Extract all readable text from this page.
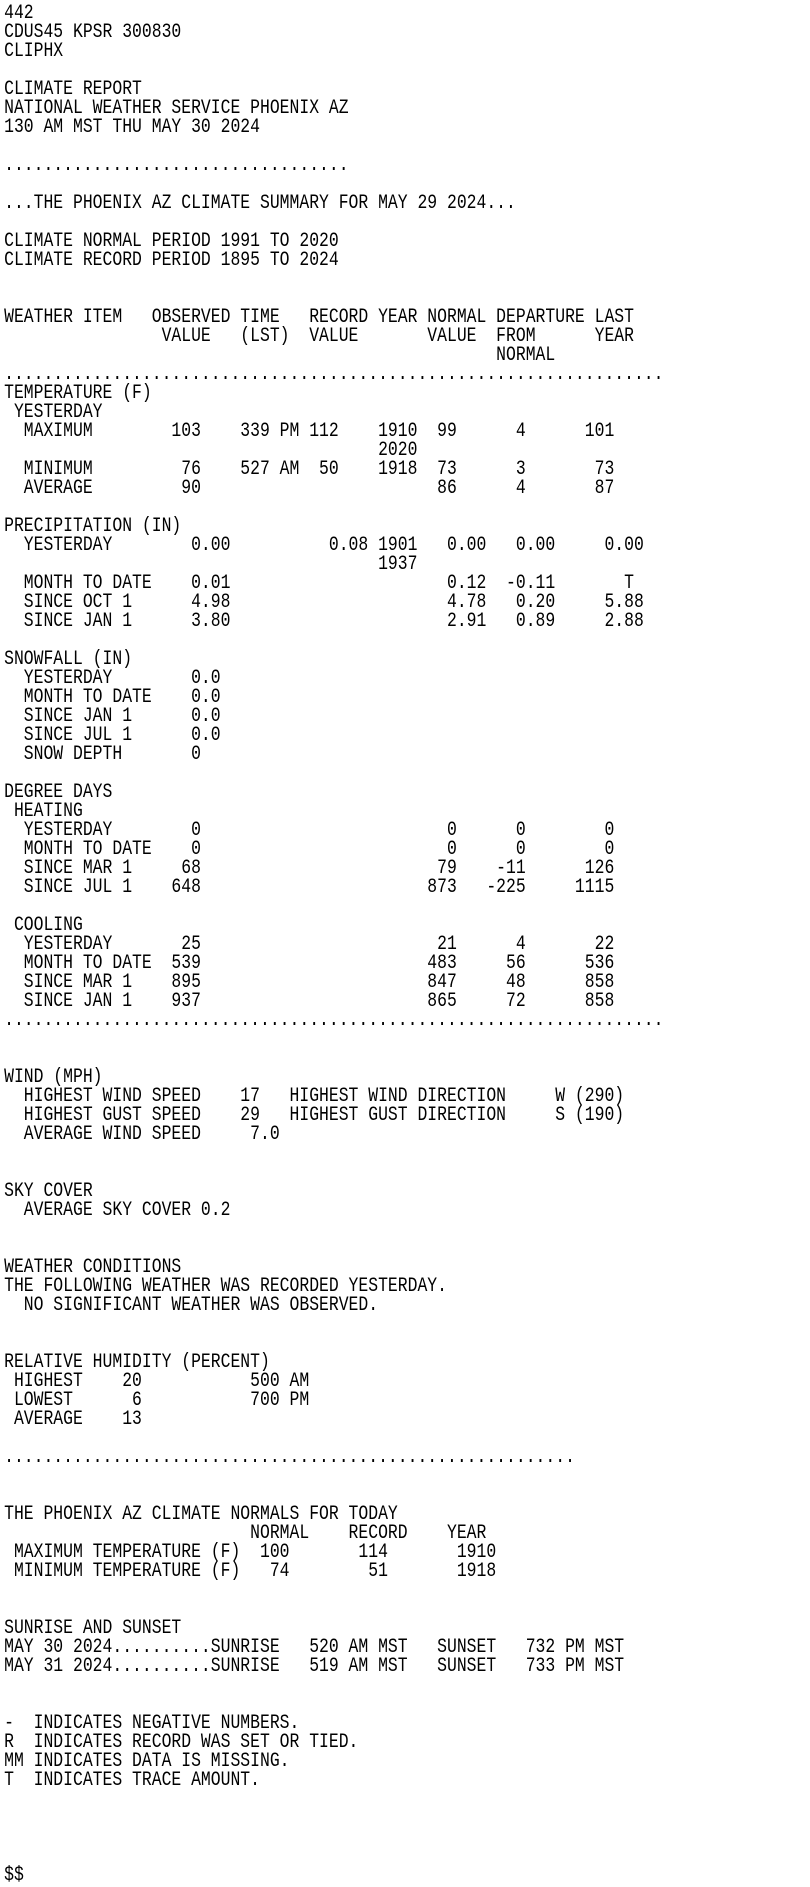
442
CDUS45 KPSR 300830
CLIPHX
CLIMATE REPORT
NATIONAL WEATHER SERVICE PHOENIX AZ
130 AM MST THU MAY 30 2024
...................................
...THE PHOENIX AZ CLIMATE SUMMARY FOR MAY 29 2024...
CLIMATE NORMAL PERIOD 1991 TO 2020
CLIMATE RECORD PERIOD 1895 TO 2024
WEATHER ITEM   OBSERVED TIME   RECORD YEAR NORMAL DEPARTURE LAST
VALUE   (LST)  VALUE       VALUE  FROM      YEAR
NORMAL
...................................................................
TEMPERATURE (F)
YESTERDAY
MAXIMUM        103    339 PM 112    1910  99      4      101
2020
MINIMUM         76    527 AM  50    1918  73      3       73
AVERAGE         90                        86      4       87
PRECIPITATION (IN)
YESTERDAY        0.00          0.08 1901   0.00   0.00     0.00
1937
MONTH TO DATE    0.01                      0.12  -0.11       T
SINCE OCT 1      4.98                      4.78   0.20     5.88
SINCE JAN 1      3.80                      2.91   0.89     2.88
SNOWFALL (IN)
YESTERDAY        0.0
MONTH TO DATE    0.0
SINCE JAN 1      0.0
SINCE JUL 1      0.0
SNOW DEPTH       0
DEGREE DAYS
HEATING
YESTERDAY        0                         0      0        0
MONTH TO DATE    0                         0      0        0
SINCE MAR 1     68                        79    -11      126
SINCE JUL 1    648                       873   -225     1115
COOLING
YESTERDAY       25                        21      4       22
MONTH TO DATE  539                       483     56      536
SINCE MAR 1    895                       847     48      858
SINCE JAN 1    937                       865     72      858
...................................................................
WIND (MPH)
HIGHEST WIND SPEED    17   HIGHEST WIND DIRECTION     W (290)
HIGHEST GUST SPEED    29   HIGHEST GUST DIRECTION     S (190)
AVERAGE WIND SPEED     7.0
SKY COVER
AVERAGE SKY COVER 0.2
WEATHER CONDITIONS
THE FOLLOWING WEATHER WAS RECORDED YESTERDAY.
NO SIGNIFICANT WEATHER WAS OBSERVED.
RELATIVE HUMIDITY (PERCENT)
HIGHEST    20           500 AM
LOWEST      6           700 PM
AVERAGE    13
..........................................................
THE PHOENIX AZ CLIMATE NORMALS FOR TODAY
NORMAL    RECORD    YEAR
MAXIMUM TEMPERATURE (F)  100       114       1910
MINIMUM TEMPERATURE (F)   74        51       1918
SUNRISE AND SUNSET
MAY 30 2024..........SUNRISE   520 AM MST   SUNSET   732 PM MST
MAY 31 2024..........SUNRISE   519 AM MST   SUNSET   733 PM MST
-  INDICATES NEGATIVE NUMBERS.
R  INDICATES RECORD WAS SET OR TIED.
MM INDICATES DATA IS MISSING.
T  INDICATES TRACE AMOUNT.
$$
